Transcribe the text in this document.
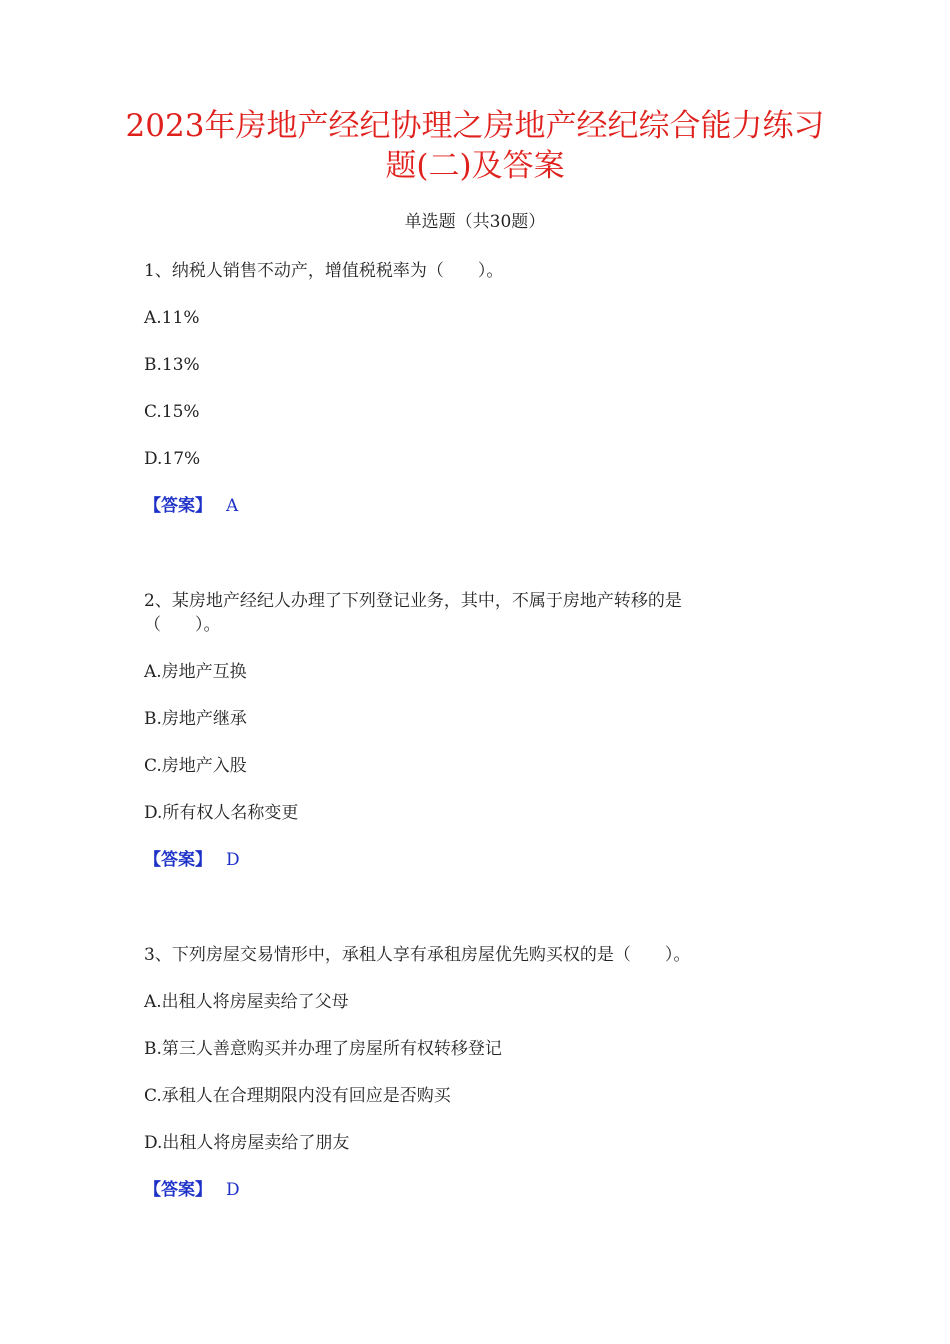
2023年房地产经纪协理之房地产经纪综合能力练习
题(二)及答案
单选题（共30题）
1、纳税人销售不动产，增值税税率为（　　）。
A.11%
B.13%
C.15%
D.17%
【答案】 A
2、某房地产经纪人办理了下列登记业务，其中，不属于房地产转移的是
（　　）。
A.房地产互换
B.房地产继承
C.房地产入股
D.所有权人名称变更
【答案】 D
3、下列房屋交易情形中，承租人享有承租房屋优先购买权的是（　　）。
A.出租人将房屋卖给了父母
B.第三人善意购买并办理了房屋所有权转移登记
C.承租人在合理期限内没有回应是否购买
D.出租人将房屋卖给了朋友
【答案】 D
